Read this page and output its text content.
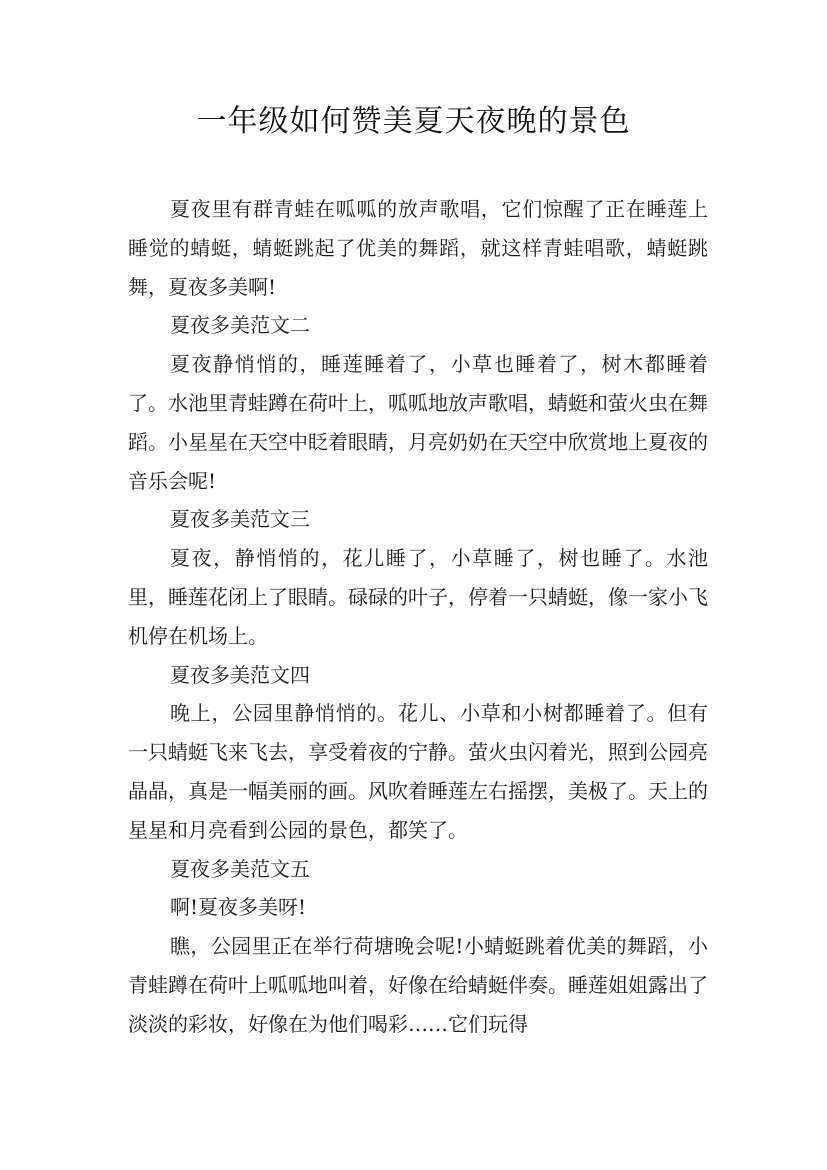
一年级如何赞美夏天夜晚的景色

夏夜里有群青蛙在呱呱的放声歌唱，它们惊醒了正在睡莲上睡觉的蜻蜓，蜻蜓跳起了优美的舞蹈，就这样青蛙唱歌，蜻蜓跳舞，夏夜多美啊!

夏夜多美范文二

夏夜静悄悄的，睡莲睡着了，小草也睡着了，树木都睡着了。水池里青蛙蹲在荷叶上，呱呱地放声歌唱，蜻蜓和萤火虫在舞蹈。小星星在天空中眨着眼睛，月亮奶奶在天空中欣赏地上夏夜的音乐会呢!

夏夜多美范文三

夏夜，静悄悄的，花儿睡了，小草睡了，树也睡了。水池里，睡莲花闭上了眼睛。碌碌的叶子，停着一只蜻蜓，像一家小飞机停在机场上。

夏夜多美范文四

晚上，公园里静悄悄的。花儿、小草和小树都睡着了。但有一只蜻蜓飞来飞去，享受着夜的宁静。萤火虫闪着光，照到公园亮晶晶，真是一幅美丽的画。风吹着睡莲左右摇摆，美极了。天上的星星和月亮看到公园的景色，都笑了。

夏夜多美范文五

啊!夏夜多美呀!

瞧，公园里正在举行荷塘晚会呢!小蜻蜓跳着优美的舞蹈，小青蛙蹲在荷叶上呱呱地叫着，好像在给蜻蜓伴奏。睡莲姐姐露出了淡淡的彩妆，好像在为他们喝彩……它们玩得
